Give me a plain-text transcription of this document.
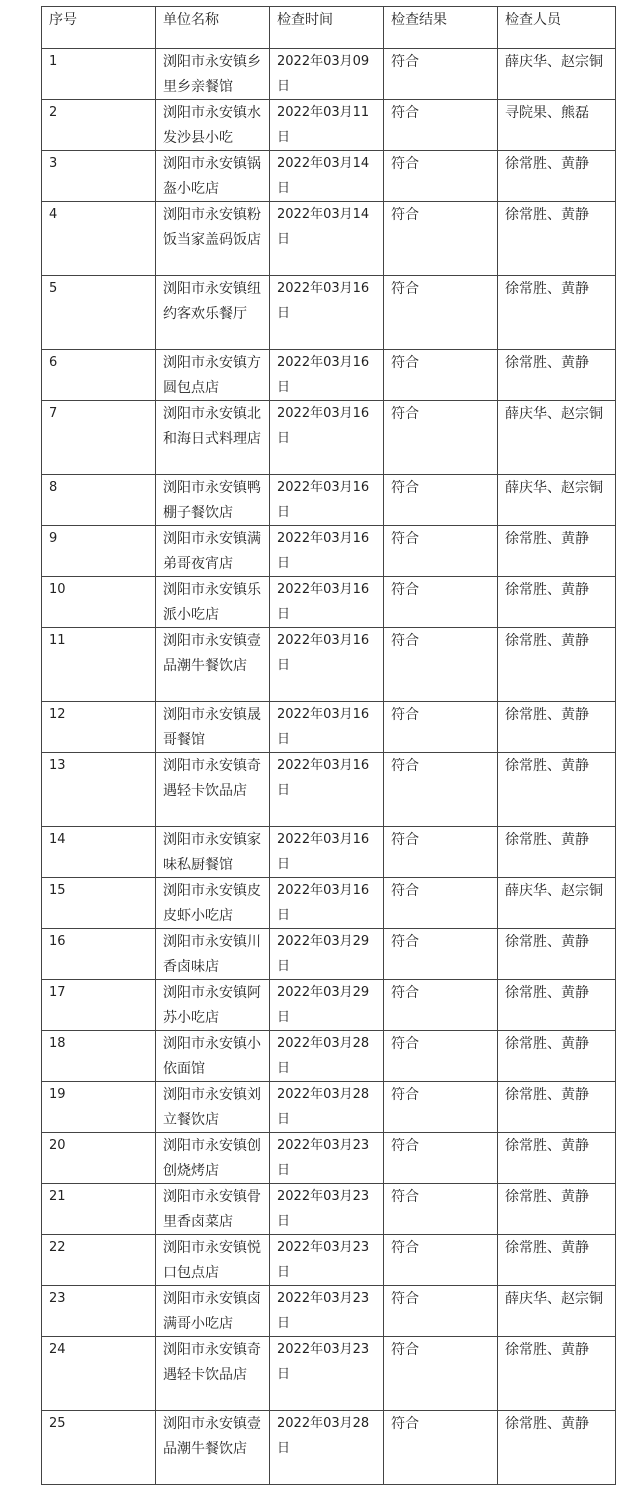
序号	单位名称	检查时间	检查结果	检查人员
1	浏阳市永安镇乡里乡亲餐馆	2022年03月09日	符合	薛庆华、赵宗铜
2	浏阳市永安镇水发沙县小吃	2022年03月11日	符合	寻院果、熊磊
3	浏阳市永安镇锅盔小吃店	2022年03月14日	符合	徐常胜、黄静
4	浏阳市永安镇粉饭当家盖码饭店	2022年03月14日	符合	徐常胜、黄静
5	浏阳市永安镇纽约客欢乐餐厅	2022年03月16日	符合	徐常胜、黄静
6	浏阳市永安镇方圆包点店	2022年03月16日	符合	徐常胜、黄静
7	浏阳市永安镇北和海日式料理店	2022年03月16日	符合	薛庆华、赵宗铜
8	浏阳市永安镇鸭棚子餐饮店	2022年03月16日	符合	薛庆华、赵宗铜
9	浏阳市永安镇满弟哥夜宵店	2022年03月16日	符合	徐常胜、黄静
10	浏阳市永安镇乐派小吃店	2022年03月16日	符合	徐常胜、黄静
11	浏阳市永安镇壹品潮牛餐饮店	2022年03月16日	符合	徐常胜、黄静
12	浏阳市永安镇晟哥餐馆	2022年03月16日	符合	徐常胜、黄静
13	浏阳市永安镇奇遇轻卡饮品店	2022年03月16日	符合	徐常胜、黄静
14	浏阳市永安镇家味私厨餐馆	2022年03月16日	符合	徐常胜、黄静
15	浏阳市永安镇皮皮虾小吃店	2022年03月16日	符合	薛庆华、赵宗铜
16	浏阳市永安镇川香卤味店	2022年03月29日	符合	徐常胜、黄静
17	浏阳市永安镇阿苏小吃店	2022年03月29日	符合	徐常胜、黄静
18	浏阳市永安镇小依面馆	2022年03月28日	符合	徐常胜、黄静
19	浏阳市永安镇刘立餐饮店	2022年03月28日	符合	徐常胜、黄静
20	浏阳市永安镇创创烧烤店	2022年03月23日	符合	徐常胜、黄静
21	浏阳市永安镇骨里香卤菜店	2022年03月23日	符合	徐常胜、黄静
22	浏阳市永安镇悦口包点店	2022年03月23日	符合	徐常胜、黄静
23	浏阳市永安镇卤满哥小吃店	2022年03月23日	符合	薛庆华、赵宗铜
24	浏阳市永安镇奇遇轻卡饮品店	2022年03月23日	符合	徐常胜、黄静
25	浏阳市永安镇壹品潮牛餐饮店	2022年03月28日	符合	徐常胜、黄静
